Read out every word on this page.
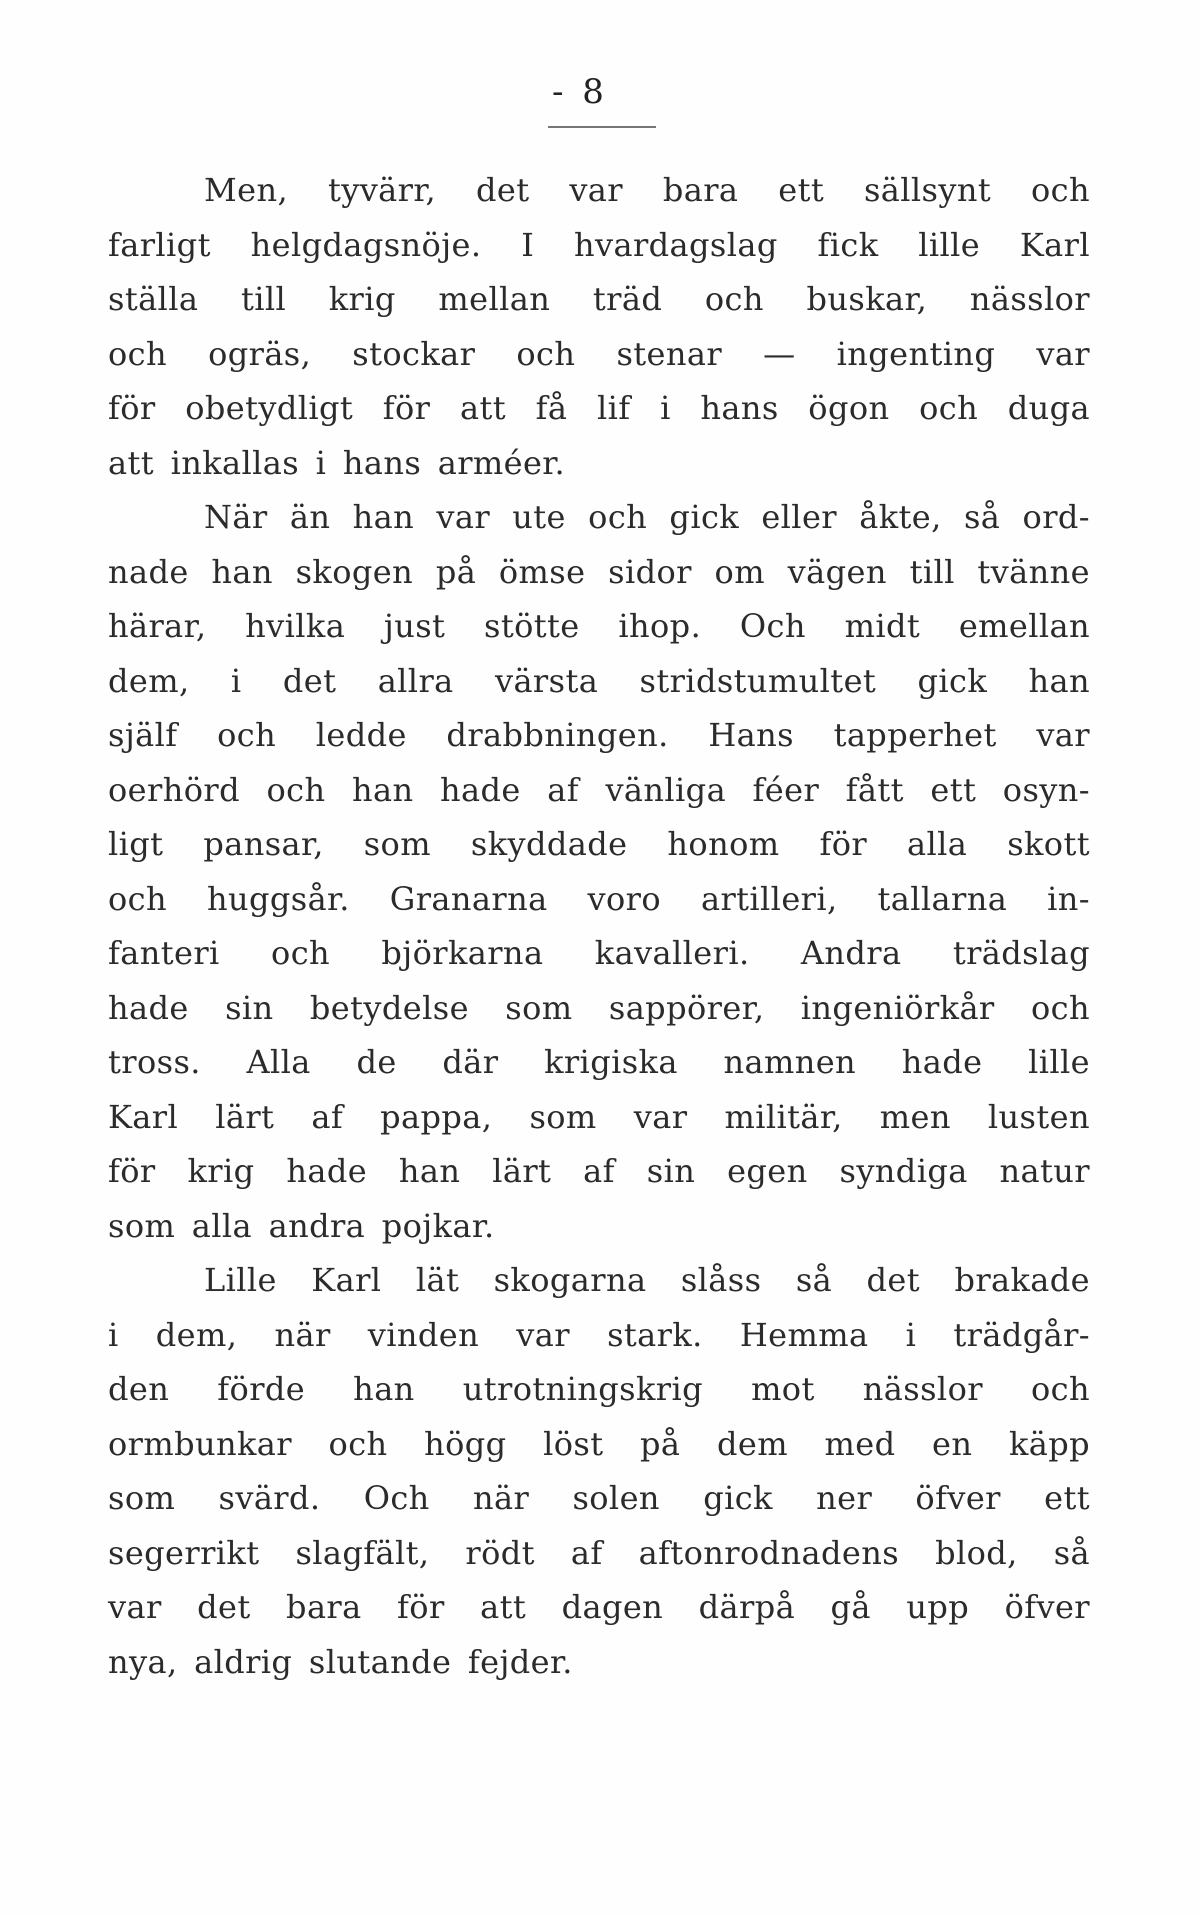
- 8
Men, tyvärr, det var bara ett sällsynt och
farligt helgdagsnöje. I hvardagslag fick lille Karl
ställa till krig mellan träd och buskar, nässlor
och ogräs, stockar och stenar — ingenting var
för obetydligt för att få lif i hans ögon och duga
att inkallas i hans arméer.
När än han var ute och gick eller åkte, så ord-
nade han skogen på ömse sidor om vägen till tvänne
härar, hvilka just stötte ihop. Och midt emellan
dem, i det allra värsta stridstumultet gick han
själf och ledde drabbningen. Hans tapperhet var
oerhörd och han hade af vänliga féer fått ett osyn-
ligt pansar, som skyddade honom för alla skott
och huggsår. Granarna voro artilleri, tallarna in-
fanteri och björkarna kavalleri. Andra trädslag
hade sin betydelse som sappörer, ingeniörkår och
tross. Alla de där krigiska namnen hade lille
Karl lärt af pappa, som var militär, men lusten
för krig hade han lärt af sin egen syndiga natur
som alla andra pojkar.
Lille Karl lät skogarna slåss så det brakade
i dem, när vinden var stark. Hemma i trädgår-
den förde han utrotningskrig mot nässlor och
ormbunkar och högg löst på dem med en käpp
som svärd. Och när solen gick ner öfver ett
segerrikt slagfält, rödt af aftonrodnadens blod, så
var det bara för att dagen därpå gå upp öfver
nya, aldrig slutande fejder.
